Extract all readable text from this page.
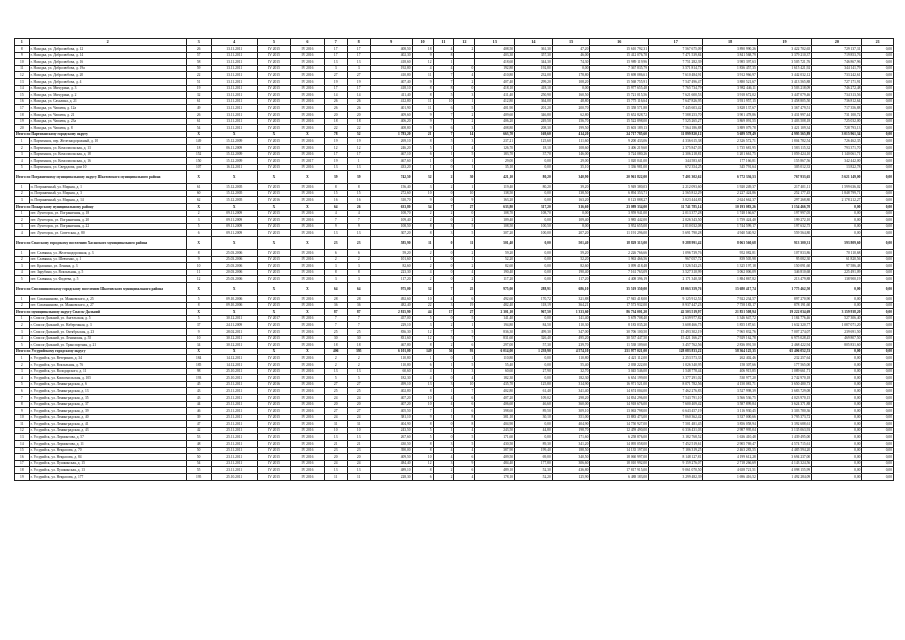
1	2	3	4	5	6	7	8	9	10	11	12	13	14	15	16	17	18	19	20	21
8	г. Находка, ул. Добролюбова, д. 12	26	13.11.2011	IV 2015	IV 2016	17	17	408,50	18	4	2	408,50	361,30	47,20	15 610 792,31	7 567 675,09	3 890 990,26	3 422 702,65	729 137,31	0,00
9	г. Находка, ул. Добролюбова, д. 14	57	13.11.2011	IV 2015	IV 2016	17	17	402,30	9	8		403,30	357,30	46,00	15 412 076,78	7 471 539,84	3 841 568,79	3 379 210,37	719 853,76	0,00
10	г. Находка, ул. Добролюбова, д. 16	58	13.11.2011	IV 2015	IV 2016	13	13	418,60	12	1		418,60	344,30	74,30	15 989 119,96	7 751 282,39	3 985 397,63	3 505 721,76	746 867,96	0,00
11	г. Находка, ул. Добролюбова, д. 19а	59	13.11.2011	IV 2015	IV 2016	3	3	192,80	4	4	0	192,80	192,80	0,00	7 367 835,79	3 571 814,73	1 836 457,35	1 615 421,92	344 141,79	0,00
12	г. Находка, ул. Добролюбова, д. 20	22	13.11.2011	IV 2015	IV 2016	27	27	410,80	11	7	4	410,80	232,00	178,80	15 698 086,61	7 610 484,91	3 912 966,97	3 442 032,12	733 242,61	0,00
13	г. Находка, ул. Добролюбова, д. 4	51	13.11.2011	IV 2015	IV 2016	19	19	407,40	9	7	2	407,40	299,20	108,20	15 568 755,91	7 547 496,47	3 880 521,67	3 413 565,88	727 171,91	0,00
14	г. Находка, ул. Мичурина, д. 3	19	13.11.2011	IV 2015	IV 2016	17	17	418,10	8	8	0	418,10	418,10	0,00	15 977 655,48	7 765 734,79	3 982 446,11	3 503 218,09	746 272,48	0,00
15	г. Находка, ул. Мичурина, д. 2	32	13.11.2011	IV 2015	IV 2016	14	14	411,40	8	5	3	411,40	250,90	160,50	15 721 015,56	7 621 600,53	3 918 672,02	3 447 079,46	734 313,56	0,00
16	г. Находка, ул. Сахалина, д. 21	61	13.11.2011	IV 2015	IV 2016	26	26	412,80	11	10	1	412,80	364,00	48,80	15 775 116,64	7 647 826,95	3 931 957,15	3 458 805,50	736 812,64	0,00
17	г. Находка, ул. Чапаева, д. 12а	49	13.11.2011	IV 2015	IV 2016	26	26	401,90	11	6	5	401,90	201,20	200,70	15 358 571,88	7 445 603,42	3 828 137,67	3 367 479,51	717 356,88	0,00
18	г. Находка, ул. Чапаева, д. 21	26	13.11.2011	IV 2015	IV 2016	20	20	409,60	9	7	2	409,60	346,80	62,80	15 652 828,72	7 588 253,70	3 901 478,86	3 431 997,44	731 100,72	0,00
19	г. Находка, ул. Чапаева, д. 23а	61	13.11.2011	IV 2015	IV 2016	18	18	406,20	9	7	2	406,20	249,50	156,70	15 522 898,00	7 525 265,27	3 869 091,55	3 403 508,18	725 032,00	0,00
20	г. Находка, ул. Чапаева, д. 8	54	13.11.2011	IV 2015	IV 2016	22	22	408,80	9	6	3	408,80	208,30	199,50	15 603 189,13	7 564 186,88	3 889 079,78	3 421 109,34	728 793,13	0,00
Итого по Партизанскому городскому округу		X	X	X	X	78	52	1 783,20	21	7	14	663,70	169,60	414,20	24 717 785,60	11 899 820,12	5 689 578,49	4 995 565,89	3 015 961,34	0,00
1	г. Партизанск, пер. Железнодорожный, д. 10	149	15.12.2009	IV 2015	IV 2016	19	19	269,10	8	5	3	237,21	125,60	111,60	9 200 433,06	4 336 615,38	2 326 572,71	1 804 782,54	726 462,35	0,00
2	г. Партизанск, ул. Комсомольская, д. 13	18	06.11.2009	IV 2015	IV 2016	12	12	246,20	5	1	4	126,70	18,10	108,60	3 406 219,60	2 375 847,03	1 735 681,95	1 583 115,32	793 371,70	0,00
3	г. Партизанск, ул. Комсомольская, д. 18	152	15.12.2009	IV 2015	IV 2016	17	17	467,10	6	1	5	183,70	37,70	146,00	3 724 080,26	2 306 218,81	1 201 661,75	1 059 424,10	1 140 061,71	0,00
4	г. Партизанск, ул. Комсомольская, д. 16	150	15.12.2009	IV 2015	IV 2017	19	1	467,60	1	0	1	29,00	0,00	29,00	1 020 041,00	344 583,65	177 166,81	155 867,56	342 442,00	0,00
5	г. Партизанск, ул. Свердлова, дом 10	107	16.12.2011	IV 2015	IV 2016	13	13	433,20	1	0	1	35,10	0,00	35,10	1 336 981,00	672 354,25	345 791,64	305 012,33	13 822,78	0,00
Итого по Пограничному муниципальному округу Шкотовского муниципального района		X	X	X	X	39	39	742,50	32	2	30	421,10	80,20	340,90	20 961 822,00	7 401 302,62	6 772 336,53	767 933,65	5 621 149,00	0,00
1	п. Пограничный, ул. Мирная, д. 1	61	15.12.2005	IV 2015	IV 2016	8	8	156,40	3	2	1	119,40	80,20	39,20	5 949 380,03	2 212 093,60	1 920 249,37	217 401,11	1 599 636,02	0,00
2	п. Пограничный, ул. Мирная, д. 3	60	15.12.2005	IV 2015	IV 2016	15	15	272,60	10	0	10	138,50	0,00	138,50	6 894 353,71	2 565 812,29	2 227 424,86	252 177,45	1 848 799,71	0,00
3	п. Пограничный, ул. Мирная, д. 14	62	15.12.2005	IV 2016	IV 2016	16	16	310,70	9	0	9	163,20	0,00	163,20	8 123 888,27	3 023 444,83	2 624 662,37	297 268,80	2 178 212,27	0,00
Итого по Пожарскому муниципальному району		X	X	X	X	64	26	633,80	34	7	27	633,80	317,20	316,60	23 089 334,00	11 741 785,14	10 193 083,26	1 154 466,70	0,00	0,00
1	пгт. Лучегорск, ул. Пограничная, д. 18	2	09.11.2009	IV 2015	IV 2016	4	4	108,70	2	2	0	108,70	108,70	0,00	3 959 941,00	2 013 377,28	1 748 166,67	197 997,05	0,00	0,00
2	пгт. Лучегорск, ул. Пограничная, д. 20	3	09.11.2009	IV 2015	IV 2016	7	7	109,40	2	0	2	109,40	0,00	109,40	3 985 442,00	2 026 343,50	1 759 424,40	199 272,10	0,00	0,00
3	пгт. Лучегорск, ул. Пограничная, д. 22	5	09.11.2009	IV 2015	IV 2016	9	9	108,50	8	3	5	108,50	100,50	8,00	3 952 655,00	2 010 032,08	1 744 599,17	197 632,75	0,00	0,00
4	пгт. Лучегорск, ул. Советская, д. 80	6	09.11.2009	IV 2015	IV 2016	13	13	307,20	8	3	5	307,20	100,00	207,20	11 191 296,00	5 691 790,28	4 940 540,92	559 564,80	0,00	0,00
Итого по Спасскому городскому поселению Хасанского муниципального района		X	X	X	X	23	23	585,90	11	0	11	501,40	0,00	501,40	18 829 313,00	9 288 991,42	8 063 560,68	913 300,31	593 809,60	0,00
1	пгт. Славянка, ул. Железнодорожная, д. 3	8	25.03.2006	IV 2015	IV 2016	6	6	59,20	2	0	2	59,20	0,00	59,20	2 226 766,66	1 096 739,76	952 082,81	107 833,86	70 110,68	0,00
2	пгт. Славянка, ул. Шевченко, д. 1	9	25.03.2006	IV 2015	IV 2016	2	2	101,60	1	0	1	52,20	0,00	52,20	1 963 466,56	967 057,72	839 505,98	95 082,30	61 820,56	0,00
3	пгт. Краскино, ул. Ленина, д. 3	10	25.03.2006	IV 2015	IV 2016	3	3	82,60	2	0	2	82,60	0,00	82,60	3 099 418,48	1 526 543,23	1 325 197,18	150 091,60	97 586,48	0,00
4	пгт. Зарубино, ул. Вокзальная, д. 5	11	20.03.2006	IV 2015	IV 2016	8	8	223,30	4	0	4	190,40	0,00	190,40	7 161 763,09	3 527 310,99	3 062 006,09	346 810,68	225 491,09	0,00
5	пгт. Славянка, ул. Фадеева, д. 5	12	25.03.2006	IV 2015	IV 2016	3	3	117,20	2	0	2	117,20	0,00	117,20	4 408 396,19	2 171 340,38	1 884 867,82	213 479,88	138 900,19	0,00
Итого по Смоляниновскому городскому поселению Шкотовского муниципального района		X	X	X	X	64	64	975,00	32	7	25	975,00	288,91	686,10	35 519 350,00	18 063 359,76	15 680 417,74	1 775 462,50	0,00	0,00
1	пгт. Смоляниново, ул. Маяковского, д. 25	5	09.10.2006	IV 2015	IV 2016	28	28	492,60	10	4	6	492,60	170,72	321,88	17 945 418,00	9 125 912,53	7 922 234,57	897 270,90	0,00	0,00
2	пгт. Смоляниново, ул. Маяковского, д. 27	8	09.10.2006	IV 2015	IV 2016	36	36	482,40	22	3	19	482,40	118,19	364,21	17 573 932,00	8 937 447,23	7 758 183,17	878 191,60	0,00	0,00
Итого по муниципальному округу Спасск-Дальний		X	X	X	X	87	87	2 815,90	44	17	27	2 301,10	967,50	1 333,60	86 734 001,20	42 503 519,97	21 851 508,94	19 222 034,69	3 159 938,20	0,00
1	г. Спасск-Дальний, ул. Ангельская, д. 5	5	30.12.2011	IV 2017	IV 2016	7	7	457,00	5	0	5	141,40	0,00	141,40	5 678 708,40	2 639 977,82	1 346 647,72	1 184 776,46	527 306,40	0,00
2	г. Спасск-Дальний, ул. Набережная, д. 3	37	24.11.2009	IV 2015	IV 2016	7	7	229,10	3	2	1	194,80	84,50	110,30	8 183 035,20	3 608 466,75	1 855 187,61	1 632 320,77	1 087 071,20	0,00
3	г. Спасск-Дальний, ул. Октябрьская, д. 23	9	28.02.2011	IV 2015	IV 2016	25	25	836,30	12	7	5	836,30	499,30	347,00	30 706 100,50	15 493 302,19	7 965 832,76	7 007 274,07	239 691,50	0,00
4	г. Спасск-Дальний, ул. Ленинская, д. 55	10	30.12.2011	IV 2015	IV 2016	30	30	831,60	12	5	7	831,60	326,40	495,20	30 537 447,50	15 421 166,27	7 929 162,78	6 975 028,45	469 807,50	0,00
5	г. Спасск-Дальний, ул. Транспортная, д. 21	34	30.12.2011	IV 2015	IV 2016	18	18	467,80	8	2	6	297,00	57,30	239,70	11 538 109,60	3 457 762,56	2 836 091,50	2 468 422,94	805 831,60	0,00
Итого по Уссурийскому городскому округу		X	X	X	X	406	395	6 101,00	149	56	93	6 014,00	1 239,90	4 574,10	251 977 021,00	128 083 833,22	58 364 125,35	65 406 052,53	0,00	0,00
1	г. Уссурийск, ул. Ветеринов, д. 34	184	14.12.2011	IV 2015	IV 2016	2	2	110,80	1	0	1	110,80	0,00	110,80	4 421 112,00	2 253 573,33	262 402,46	232 257,64	0,00	0,00
2	г. Уссурийск, ул. Вокзальная, д. 76	185	14.12.2011	IV 2015	IV 2016	2	2	110,80	6	1	5	55,40	0,00	55,40	2 038 222,00	1 026 340,95	158 307,66	177 565,00	0,00	0,00
3	г. Уссурийск, ул. Володарского, д. 11	98	25.10.2011	IV 2015	IV 2016	13	13	60,60	4	1	3	60,60	27,90	32,70	3 045 546,00	1 548 778,44	406 915,85	1 089 661,71	0,00	0,00
4	г. Уссурийск, ул. Комсомольская, д. 105	193	25.10.2011	IV 2015	IV 2016	5	5	182,30	4	0	4	182,30	0,00	182,30	6 654 199,00	3 377 291,02	530 977,20	2 742 970,18	0,00	0,00
5	г. Уссурийск, ул. Ленинградская, д. 6	45	25.11.2011	IV 2016	IV 2016	27	27	499,10	13	3	10	435,70	125,80	314,90	16 971 521,00	8 071 782,56	4 150 081,71	3 650 480,73	0,00	0,00
6	г. Уссурийск, ул. Ленинградская, д. 13	43	25.11.2011	IV 2015	IV 2016	25	25	402,80	8	1	7	402,80	61,40	341,40	14 674 004,00	7 462 276,83	3 527 998,39	3 683 729,08	0,00	0,00
7	г. Уссурийск, ул. Ленинградская, д. 35	43	25.11.2011	IV 2015	IV 2016	24	24	407,20	10	4	6	407,20	109,02	298,20	14 834 296,00	7 543 791,10	3 566 536,75	4 023 970,15	0,00	0,00
8	г. Уссурийск, ул. Ленинградская, д. 37	44	25.11.2011	IV 2015	IV 2016	20	20	407,20	10	4	6	406,60	46,60	360,00	14 918 676,00	7 600 409,42	3 587 899,84	3 624 371,88	0,00	0,00
9	г. Уссурийск, ул. Ленинградская, д. 39	46	25.11.2011	IV 2015	IV 2016	27	27	405,50	7	1	6	398,60	89,50	309,10	13 063 798,00	6 643 457,19	3 116 930,45	3 303 780,36	0,00	0,00
10	г. Уссурийск, ул. Ленинградская, д. 40	39	25.11.2011	IV 2015	IV 2016	24	24	381,10	9	1	8	381,10	30,10	351,00	13 883 473,00	7 060 362,42	3 337 000,66	3 795 373,72	0,00	0,00
11	г. Уссурийск, ул. Ленинградская, д. 41	47	25.11.2011	IV 2015	IV 2016	31	31	404,90	8	0	8	404,90	0,00	404,90	14 750 927,00	7 501 481,45	3 856 058,94	3 392 688,61	0,00	0,00
12	г. Уссурийск, ул. Ленинградская, д. 43	42	25.11.2011	IV 2015	IV 2016	10	10	243,50	5	1	4	243,50	44,80	198,70	12 459 490,00	6 336 431,03	2 987 995,04	3 135 063,93	0,00	0,00
13	г. Уссурийск, ул. Лермонтова, д. 57	53	25.11.2011	IV 2015	IV 2016	13	13	267,60	5	0	5	171,60	0,00	171,60	6 258 876,00	3 182 768,52	1 636 410,48	1 439 495,00	0,00	0,00
14	г. Уссурийск, ул. Лермонтова, д. 11	48	25.11.2011	IV 2015	IV 2016	21	21	430,50	8	3	5	430,50	89,30	341,20	14 095 058,00	7 452 519,61	2 905 769,47	4 574 715,61	0,00	0,00
15	г. Уссурийск, ул. Некрасова, д. 70	50	25.11.2011	IV 2015	IV 2016	23	23	390,00	8	4	4	387,90	199,40	188,50	14 135 197,00	7 186 319,25	2 463 283,55	4 485 594,20	0,00	0,00
16	г. Уссурийск, ул. Некрасова, д. 84	50	23.11.2011	IV 2015	IV 2016	20	20	409,50	10	4	6	409,50	69,00	340,50	18 060 997,00	8 148 127,81	4 199 612,28	3 694 237,00	0,00	0,00
17	г. Уссурийск, ул. Пушкинская, д. 15	54	23.11.2011	IV 2015	IV 2016	24	24	484,40	12	3	9	484,40	177,80	306,60	18 010 992,00	9 159 276,07	2 718 266,69	4 143 324,56	0,00	0,00
18	г. Уссурийск, ул. Пушкинская, д. 13	55	23.11.2011	IV 2015	IV 2016	13	13	489,10	8	2	6	489,10	52,30	436,80	17 817 915,00	9 061 070,50	4 658 721,51	4 098 155,99	0,00	0,00
19	г. Уссурийск, ул. Некрасова, д. 177	195	25.10.2011	IV 2015	IV 2016	11	11	228,30	6	2	4	178,10	52,20	125,90	6 488 183,00	3 299 482,39	1 696 416,52	1 492 284,09	0,00	0,00
